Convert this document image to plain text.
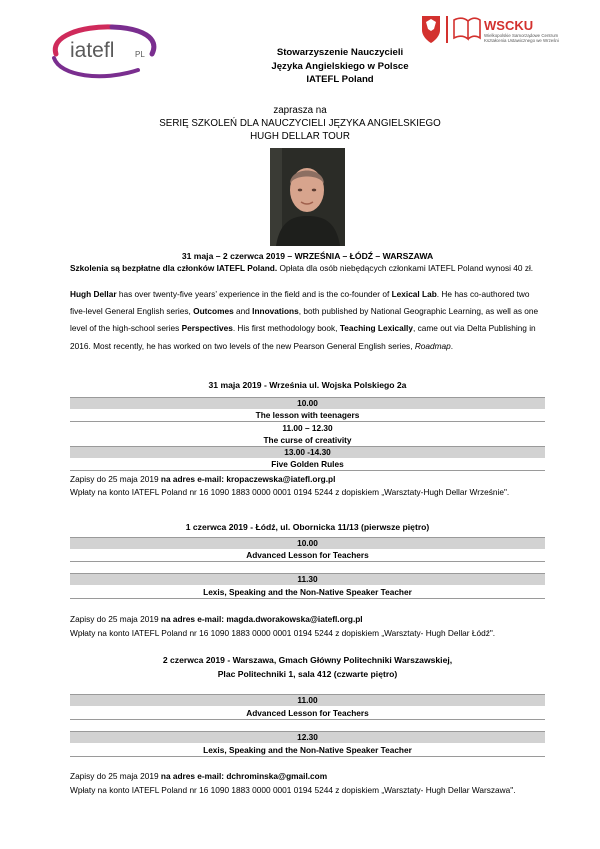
iatefl	PL
WSCKU
Wielkopolskie Samorządowe Centrum
Kształcenia Ustawicznego we Wrześni
Stowarzyszenie Nauczycieli
Języka Angielskiego w Polsce
IATEFL Poland
zaprasza na
SERIĘ SZKOLEŃ DLA NAUCZYCIELI JĘZYKA ANGIELSKIEGO
HUGH DELLAR TOUR
31 maja – 2 czerwca 2019 – WRZEŚNIA – ŁÓDŹ – WARSZAWA
Szkolenia są bezpłatne dla członków IATEFL Poland. Opłata dla osób niebędących członkami IATEFL Poland wynosi 40 zł.
Hugh Dellar has over twenty-five years’ experience in the field and is the co-founder of Lexical Lab. He has co-authored two five-level General English series, Outcomes and Innovations, both published by National Geographic Learning, as well as one level of the high-school series Perspectives. His first methodology book, Teaching Lexically, came out via Delta Publishing in 2016. Most recently, he has worked on two levels of the new Pearson General English series, Roadmap.
31 maja 2019 - Września ul. Wojska Polskiego 2a
10.00
The lesson with teenagers
11.00 – 12.30
The curse of creativity
13.00 -14.30
Five Golden Rules
Zapisy do 25 maja 2019 na adres e-mail: kropaczewska@iatefl.org.pl
Wpłaty na konto IATEFL Poland nr 16 1090 1883 0000 0001 0194 5244 z dopiskiem „Warsztaty-Hugh Dellar Wrześnie".
1 czerwca 2019 - Łódź, ul. Obornicka 11/13 (pierwsze piętro)
10.00
Advanced Lesson for Teachers
11.30
Lexis, Speaking and the Non-Native Speaker Teacher
Zapisy do 25 maja 2019 na adres e-mail: magda.dworakowska@iatefl.org.pl
Wpłaty na konto IATEFL Poland nr 16 1090 1883 0000 0001 0194 5244 z dopiskiem „Warsztaty- Hugh Dellar Łódź".
2 czerwca 2019 - Warszawa, Gmach Główny Politechniki Warszawskiej,
Plac Politechniki 1, sala 412 (czwarte piętro)
11.00
Advanced Lesson for Teachers
12.30
Lexis, Speaking and the Non-Native Speaker Teacher
Zapisy do 25 maja 2019 na adres e-mail: dchrominska@gmail.com
Wpłaty na konto IATEFL Poland nr 16 1090 1883 0000 0001 0194 5244 z dopiskiem „Warsztaty- Hugh Dellar Warszawa".
